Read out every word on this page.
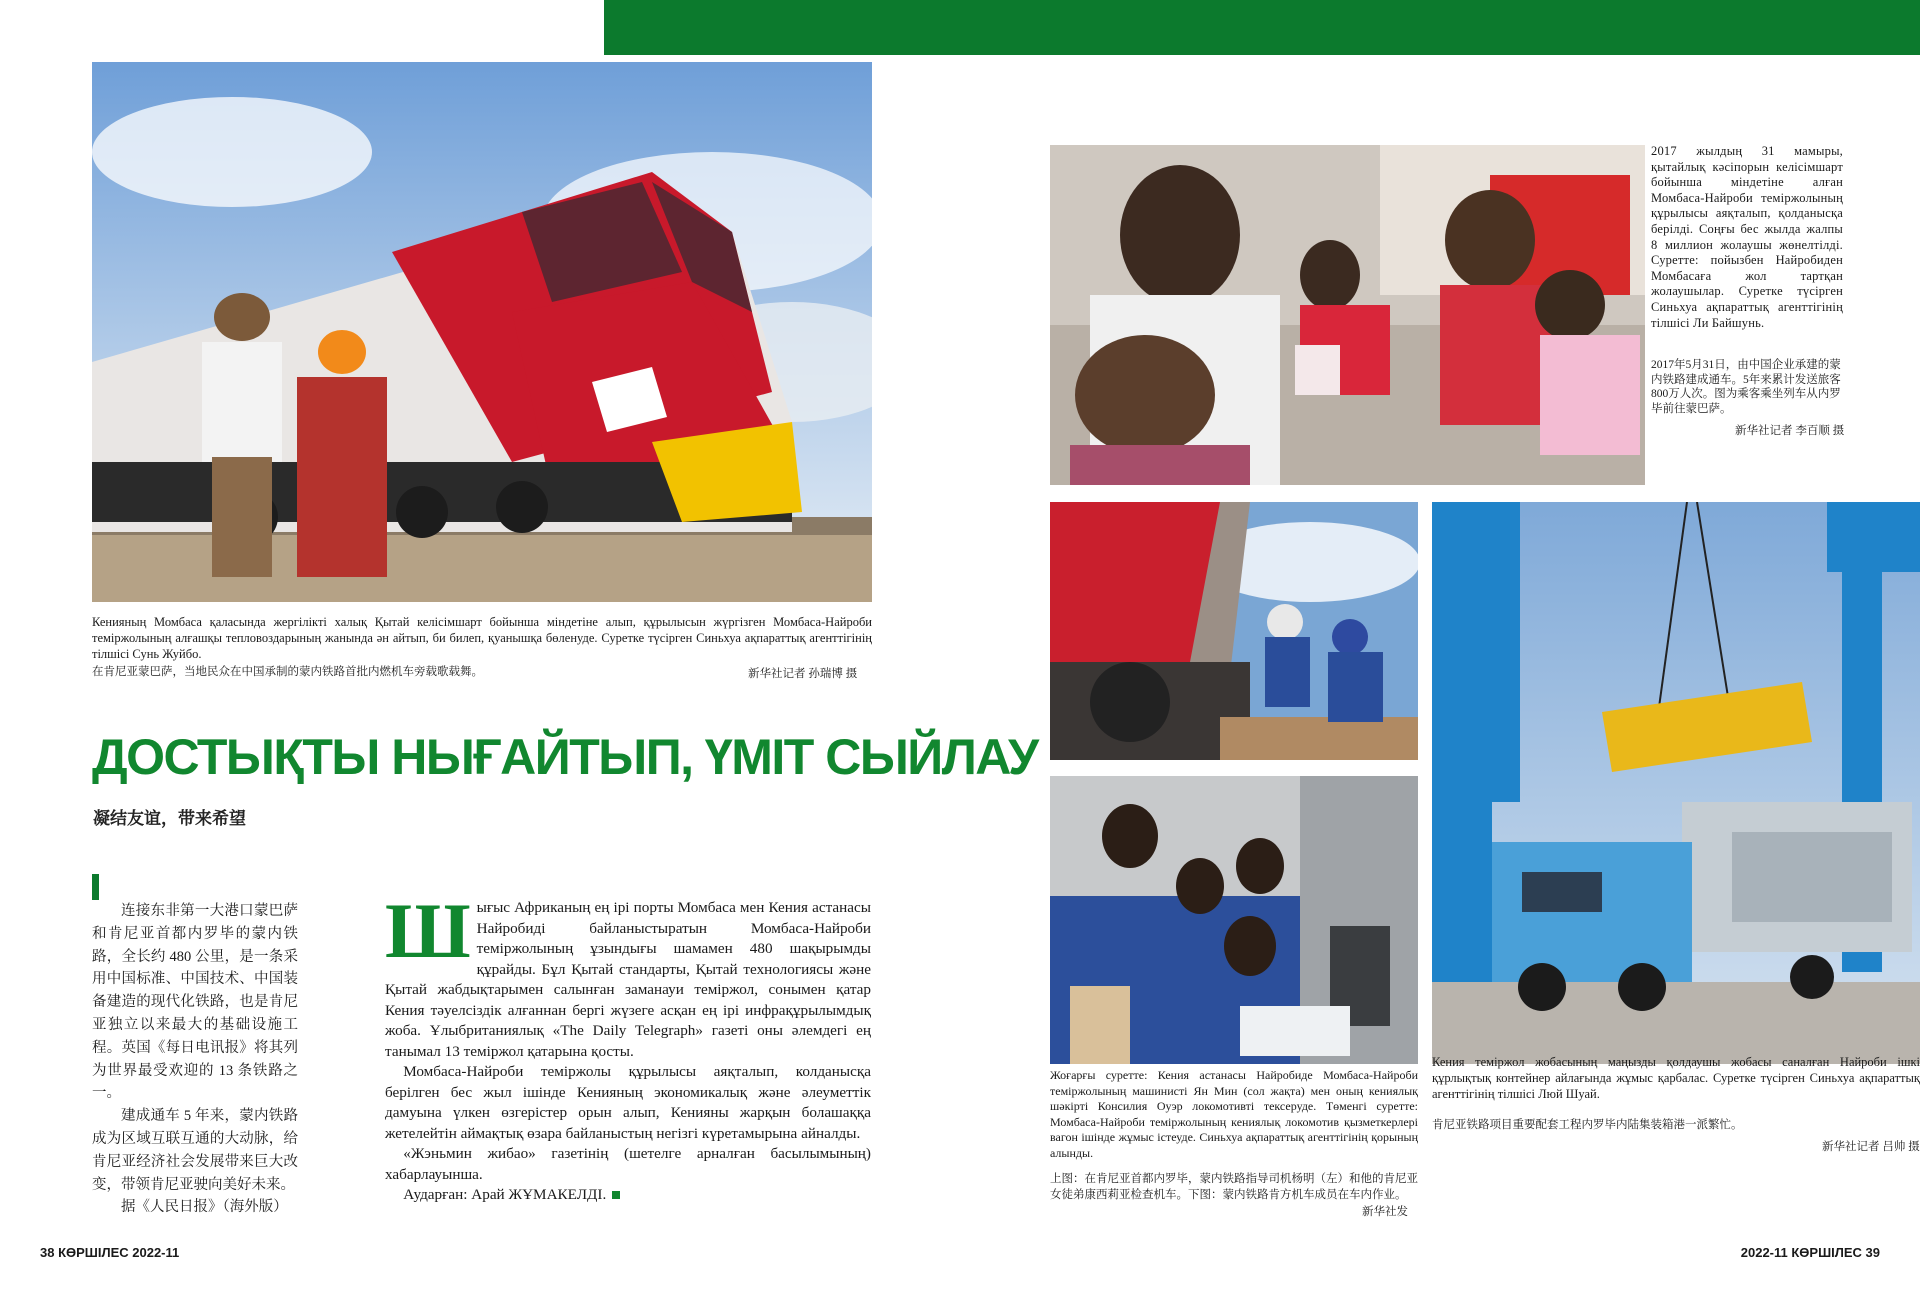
Кенияның Момбаса қаласында жергілікті халық Қытай келісімшарт бойынша міндетіне алып, құрылысын жүргізген Момбаса-Найроби теміржолының алғашқы тепловоздарының жанында ән айтып, би билеп, қуанышқа бөленуде. Суретке түсірген Синьхуа ақпараттық агенттігінің тілшісі Сунь Жуйбо.
在肯尼亚蒙巴萨，当地民众在中国承制的蒙内铁路首批内燃机车旁载歌载舞。	新华社记者 孙瑞博 摄
ДОСТЫҚТЫ НЫҒАЙТЫП, ҮМІТ СЫЙЛАУ
凝结友谊，带来希望

连接东非第一大港口蒙巴萨和肯尼亚首都内罗毕的蒙内铁路，全长约 480 公里，是一条采用中国标准、中国技术、中国装备建造的现代化铁路，也是肯尼亚独立以来最大的基础设施工程。英国《每日电讯报》将其列为世界最受欢迎的 13 条铁路之一。

建成通车 5 年来，蒙内铁路成为区域互联互通的大动脉，给肯尼亚经济社会发展带来巨大改变，带领肯尼亚驶向美好未来。

据《人民日报》（海外版）

Шығыс Африканың ең ірі порты Момбаса мен Кения астанасы Найробиді байланыстыратын Момбаса-Найроби теміржолының ұзындығы шамамен 480 шақырымды құрайды. Бұл Қытай стандарты, Қытай технологиясы және Қытай жабдықтарымен салынған заманауи теміржол, сонымен қатар Кения тәуелсіздік алғаннан бергі жүзеге асқан ең ірі инфрақұрылымдық жоба. Ұлыбританиялық «The Daily Telegraph» газеті оны әлемдегі ең танымал 13 теміржол қатарына қосты.

Момбаса-Найроби теміржолы құрылысы аяқталып, колданысқа берілген бес жыл ішінде Кенияның экономикалық және әлеуметтік дамуына үлкен өзгерістер орын алып, Кенияны жарқын болашаққа жетелейтін аймақтық өзара байланыстың негізгі күретамырына айналды.

«Жэньмин жибао» газетінің (шетелге арналған басылымының) хабарлауынша.

Аударған: Арай ЖҰМАКЕЛДІ.

2017 жылдың 31 мамыры, қытайлық кәсіпорын келісімшарт бойынша міндетіне алған Момбаса-Найроби теміржолының құрылысы аяқталып, қолданысқа берілді. Соңғы бес жылда жалпы 8 миллион жолаушы жөнелтілді. Суретте: пойызбен Найробиден Момбасаға жол тартқан жолаушылар. Суретке түсірген Синьхуа ақпараттық агенттігінің тілшісі Ли Байшунь.
2017年5月31日，由中国企业承建的蒙内铁路建成通车。5年来累计发送旅客800万人次。图为乘客乘坐列车从内罗毕前往蒙巴萨。
新华社记者 李百顺 摄
Жоғарғы суретте: Кения астанасы Найробиде Момбаса-Найроби теміржолының машинисті Ян Мин (сол жақта) мен оның кениялық шәкірті Консилия Оуэр локомотивті тексеруде. Төменгі суретте: Момбаса-Найроби теміржолының кениялық локомотив қызметкерлері вагон ішінде жұмыс істеуде. Синьхуа ақпараттық агенттігінің қорының алынды.
上图：在肯尼亚首都内罗毕，蒙内铁路指导司机杨明（左）和他的肯尼亚女徒弟康西莉亚检查机车。下图：蒙内铁路肯方机车成员在车内作业。
新华社发
Кения теміржол жобасының маңызды қолдаушы жобасы саналған Найроби ішкі құрлықтық контейнер айлағында жұмыс қарбалас. Суретке түсірген Синьхуа ақпараттық агенттігінің тілшісі Люй Шуай.
肯尼亚铁路项目重要配套工程内罗毕内陆集装箱港一派繁忙。
新华社记者 吕帅 摄
38 КӨРШІЛЕС 2022-11	2022-11 КӨРШІЛЕС 39
